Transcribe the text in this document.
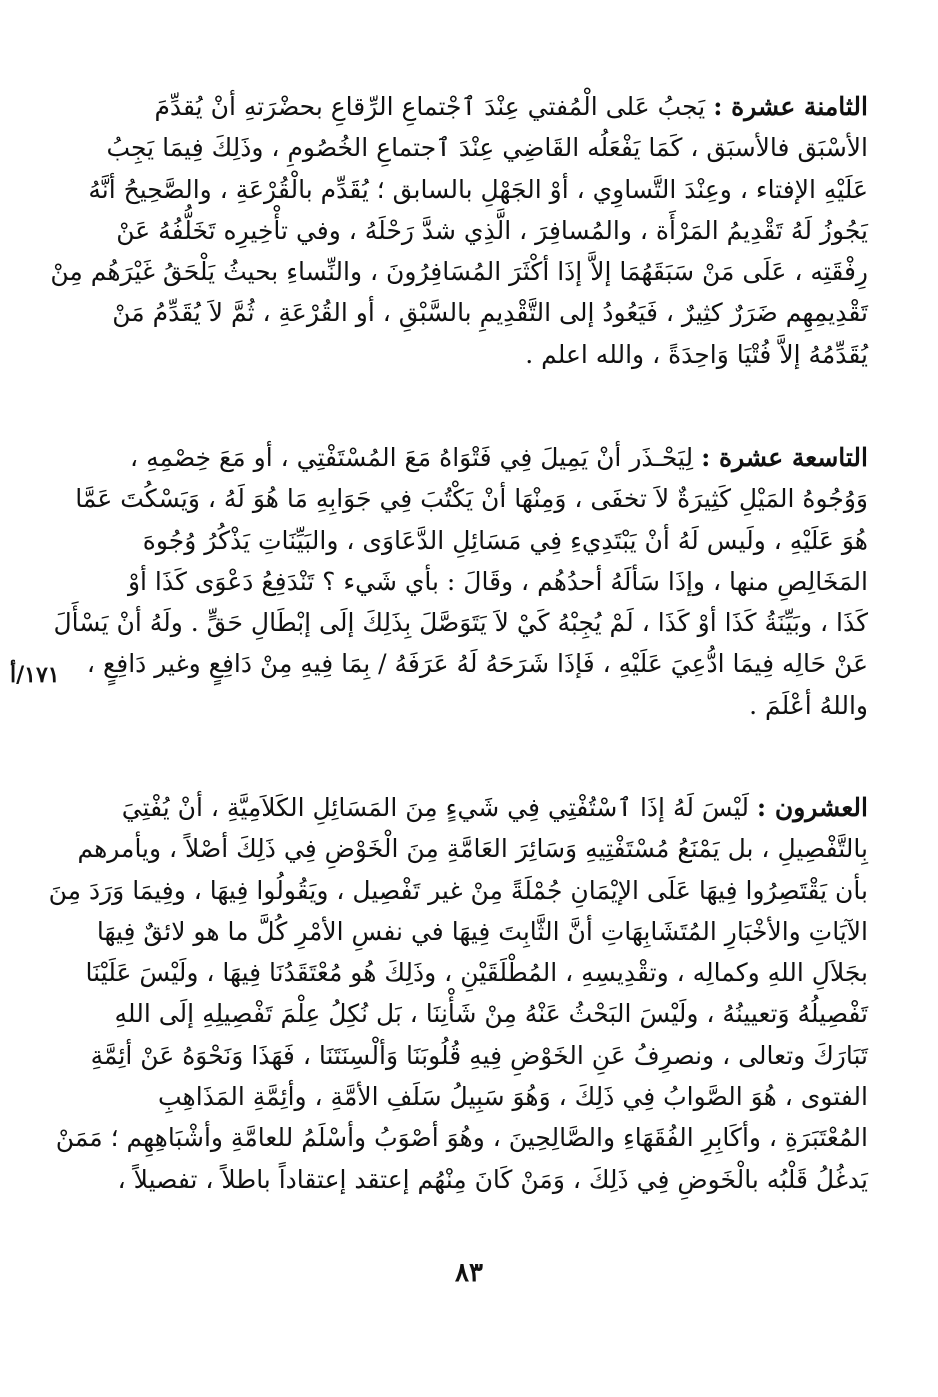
الثامنة عشرة : يَجبُ عَلى الْمُفتي عِنْدَ ٱجْتماعِ الرِّقاعِ بحضْرَتهِ أنْ يُقدِّمَ
الأسْبَق فالأسبَق ، كَمَا يَفْعَلُه القَاضِي عِنْدَ ٱجتماعِ الخُصُومِ ، وذَلِكَ فِيمَا يَجِبُ
عَلَيْهِ الإفتاء ، وعِنْدَ التَّساوِي ، أوْ الجَهْلِ بالسابق ؛ يُقَدِّم بالْقُرْعَةِ ، والصَّحِيحُ أنَّهُ
يَجُوزُ لَهُ تَقْدِيمُ المَرْأَة ، والمُسافِرَ ، الَّذِي شدَّ رَحْلَهُ ، وفي تأْخِيرِه تَخَلُّفُهُ عَنْ
رِفْقَتِه ، عَلَى مَنْ سَبَقَهُمَا إلاَّ إذَا أكْثَرَ المُسَافِرُونَ ، والنِّساءِ بحيثُ يَلْحَقُ غَيْرَهُم مِنْ
تَقْدِيمِهِم ضَرَرٌ كثِيرٌ ، فَيَعُودُ إلى التَّقْدِيمِ بالسَّبْقِ ، أو القُرْعَةِ ، ثُمَّ لاَ يُقَدِّمُ مَنْ
يُقَدِّمُهُ إلاَّ فُتْيَا وَاحِدَةً ، والله اعلم .

التاسعة عشرة : لِيَحْـذَر أنْ يَمِيلَ فِي فَتْوَاهُ مَعَ المُسْتَفْتِي ، أو مَعَ خِصْمِهِ ،
وَوُجُوهُ المَيْلِ كَثِيرَةٌ لاَ تخفَى ، وَمِنْهَا أنْ يَكْتُبَ فِي جَوَابِهِ مَا هُوَ لَهُ ، وَيَسْكُتَ عَمَّا
هُوَ عَلَيْهِ ، ولَيس لَهُ أنْ يَبْتَدِيءِ فِي مَسَائِلِ الدَّعَاوَى ، والبَيِّنَاتِ يَذْكُرُ وُجُوهَ
المَخَالِصِ منها ، وإذَا سَألَهُ أحدُهُم ، وقَالَ : بأي شَيء ؟ تَنْدَفِعُ دَعْوَى كَذَا أوْ
كَذَا ، وبَيِّنَةُ كَذَا أوْ كَذَا ، لَمْ يُجِبْهُ كَيْ لاَ يَتَوَصَّلَ بِذَلِكَ إلَى إبْطَالِ حَقٍّ . ولَهُ أنْ يَسْأَلَ
عَنْ حَالِه فِيمَا ادُّعِيَ عَلَيْهِ ، فَإذَا شَرَحَهُ لَهُ عَرَفَهُ / بِمَا فِيهِ مِنْ دَافِعٍ وغير دَافِعٍ ،
واللهُ أعْلَمَ .

١٧١/أ

العشرون : لَيْسَ لَهُ إذَا ٱسْتُفْتِي فِي شَيءٍ مِنَ المَسَائِلِ الكَلاَمِيَّةِ ، أنْ يُفْتِيَ
بِالتَّفْصِيلِ ، بل يَمْنَعُ مُسْتَفْتِيهِ وَسَائِرَ العَامَّةِ مِنَ الْخَوْضِ فِي ذَلِكَ أصْلاً ، ويأمرهم
بأن يَقْتَصِرُوا فِيهَا عَلَى الإيْمَانِ جُمْلَةً مِنْ غير تَفْصِيل ، ويَقُولُوا فِيهَا ، وفِيمَا وَرَدَ مِنَ
الآيَاتِ والأخْبَارِ المُتَشَابِهَاتِ أنَّ الثَّابِتَ فِيهَا في نفسِ الأمْرِ كُلَّ ما هو لائقٌ فِيهَا
بجَلاَلِ اللهِ وكمالِه ، وتقْدِيسِهِ ، المُطْلَقَيْنِ ، وذَلِكَ هُو مُعْتَقَدُنَا فِيهَا ، ولَيْسَ عَلَيْنَا
تَفْصِيلُهُ وَتعيينُهُ ، ولَيْسَ البَحْثُ عَنْهُ مِنْ شَأْنِنَا ، بَل نُكِلُ عِلْمَ تَفْصِيلِهِ إلَى اللهِ
تَبَارَكَ وتعالى ، ونصرِفُ عَنِ الخَوْضِ فِيهِ قُلُوبَنَا وَألْسِنَتَنَا ، فَهَذَا وَنَحْوَهُ عَنْ أئِمَّةِ
الفتوى ، هُوَ الصَّوابُ فِي ذَلِكَ ، وَهُوَ سَبِيلُ سَلَفِ الأمَّةِ ، وأئِمَّةِ المَذَاهِبِ
المُعْتَبَرَةِ ، وأكَابِرِ الفُقَهَاءِ والصَّالِحِينَ ، وهُوَ أصْوَبُ وأسْلَمُ للعامَّةِ وأشْبَاهِهِم ؛ مَمَنْ
يَدغُلُ قَلْبُه بالْخَوضِ فِي ذَلِكَ ، وَمَنْ كَانَ مِنْهُم إعتقد إعتقاداً باطلاً ، تفصيلاً ،

٨٣
